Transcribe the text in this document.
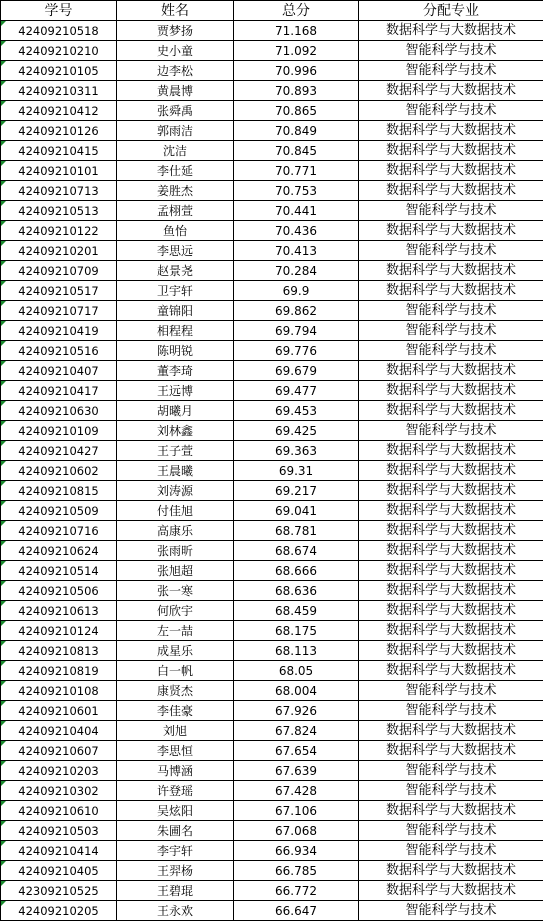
学号	姓名	总分	分配专业
42409210518	贾梦扬	71.168	数据科学与大数据技术
42409210210	史小童	71.092	智能科学与技术
42409210105	边李松	70.996	智能科学与技术
42409210311	黄晨博	70.893	数据科学与大数据技术
42409210412	张舜禹	70.865	智能科学与技术
42409210126	郭雨洁	70.849	数据科学与大数据技术
42409210415	沈洁	70.845	数据科学与大数据技术
42409210101	李仕延	70.771	数据科学与大数据技术
42409210713	姜胜杰	70.753	数据科学与大数据技术
42409210513	孟栩萱	70.441	智能科学与技术
42409210122	鱼怡	70.436	数据科学与大数据技术
42409210201	李思远	70.413	智能科学与技术
42409210709	赵景尧	70.284	数据科学与大数据技术
42409210517	卫宇轩	69.9	数据科学与大数据技术
42409210717	童锦阳	69.862	智能科学与技术
42409210419	相程程	69.794	智能科学与技术
42409210516	陈明锐	69.776	智能科学与技术
42409210407	董李琦	69.679	数据科学与大数据技术
42409210417	王远博	69.477	数据科学与大数据技术
42409210630	胡曦月	69.453	数据科学与大数据技术
42409210109	刘林鑫	69.425	智能科学与技术
42409210427	王子萱	69.363	数据科学与大数据技术
42409210602	王晨曦	69.31	数据科学与大数据技术
42409210815	刘涛源	69.217	数据科学与大数据技术
42409210509	付佳旭	69.041	数据科学与大数据技术
42409210716	高康乐	68.781	数据科学与大数据技术
42409210624	张雨昕	68.674	数据科学与大数据技术
42409210514	张旭超	68.666	数据科学与大数据技术
42409210506	张一寒	68.636	数据科学与大数据技术
42409210613	何欣宇	68.459	数据科学与大数据技术
42409210124	左一喆	68.175	数据科学与大数据技术
42409210813	成星乐	68.113	数据科学与大数据技术
42409210819	白一帆	68.05	数据科学与大数据技术
42409210108	康贤杰	68.004	智能科学与技术
42409210601	李佳豪	67.926	智能科学与技术
42409210404	刘旭	67.824	数据科学与大数据技术
42409210607	李思恒	67.654	数据科学与大数据技术
42409210203	马博涵	67.639	智能科学与技术
42409210302	许登瑶	67.428	智能科学与技术
42409210610	吴炫阳	67.106	数据科学与大数据技术
42409210503	朱圃名	67.068	智能科学与技术
42409210414	李宇轩	66.934	智能科学与技术
42409210405	王羿杨	66.785	数据科学与大数据技术
42309210525	王碧琨	66.772	数据科学与大数据技术
42409210205	王永欢	66.647	智能科学与技术
